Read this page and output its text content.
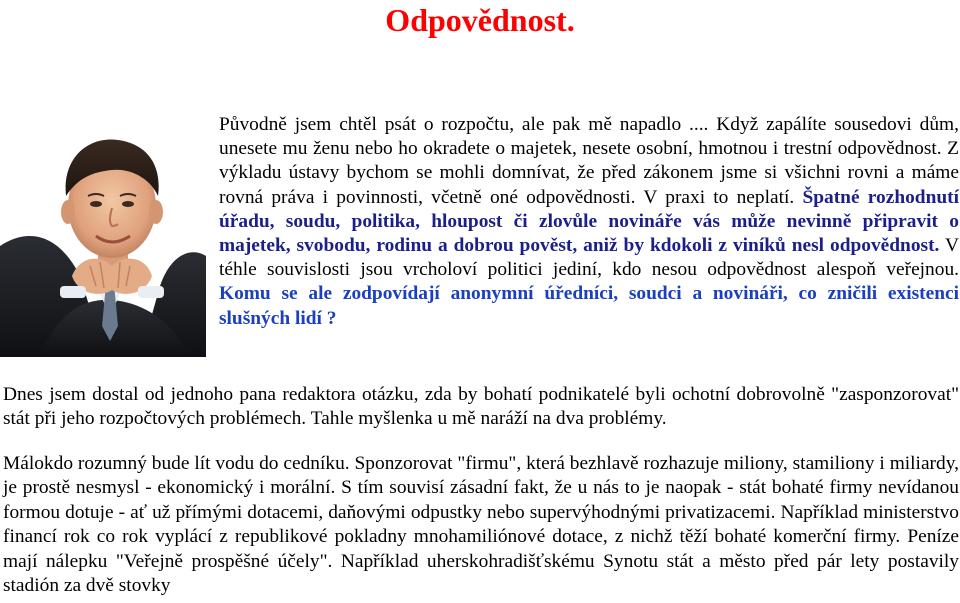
Odpovědnost.

Původně jsem chtěl psát o rozpočtu, ale pak mě napadlo .... Když zapálíte sousedovi dům, unesete mu ženu nebo ho okradete o majetek, nesete osobní, hmotnou i trestní odpovědnost. Z výkladu ústavy bychom se mohli domnívat, že před zákonem jsme si všichni rovni a máme rovná práva i povinnosti, včetně oné odpovědnosti. V praxi to neplatí. Špatné rozhodnutí úřadu, soudu, politika, hloupost či zlovůle novináře vás může nevinně připravit o majetek, svobodu, rodinu a dobrou pověst, aniž by kdokoli z viníků nesl odpovědnost. V téhle souvislosti jsou vrcholoví politici jediní, kdo nesou odpovědnost alespoň veřejnou. Komu se ale zodpovídají anonymní úředníci, soudci a novináři, co zničili existenci slušných lidí ?

Dnes jsem dostal od jednoho pana redaktora otázku, zda by bohatí podnikatelé byli ochotní dobrovolně "zasponzorovat" stát při jeho rozpočtových problémech. Tahle myšlenka u mě naráží na dva problémy.

Málokdo rozumný bude lít vodu do cedníku. Sponzorovat "firmu", která bezhlavě rozhazuje miliony, stamiliony i miliardy, je prostě nesmysl - ekonomický i morální. S tím souvisí zásadní fakt, že u nás to je naopak - stát bohaté firmy nevídanou formou dotuje - ať už přímými dotacemi, daňovými odpustky nebo supervýhodnými privatizacemi. Například ministerstvo financí rok co rok vyplácí z republikové pokladny mnohamiliónové dotace, z nichž těží bohaté komerční firmy. Peníze mají nálepku "Veřejně prospěšné účely". Například uherskohradišťskému Synotu stát a město před pár lety postavily stadión za dvě stovky
